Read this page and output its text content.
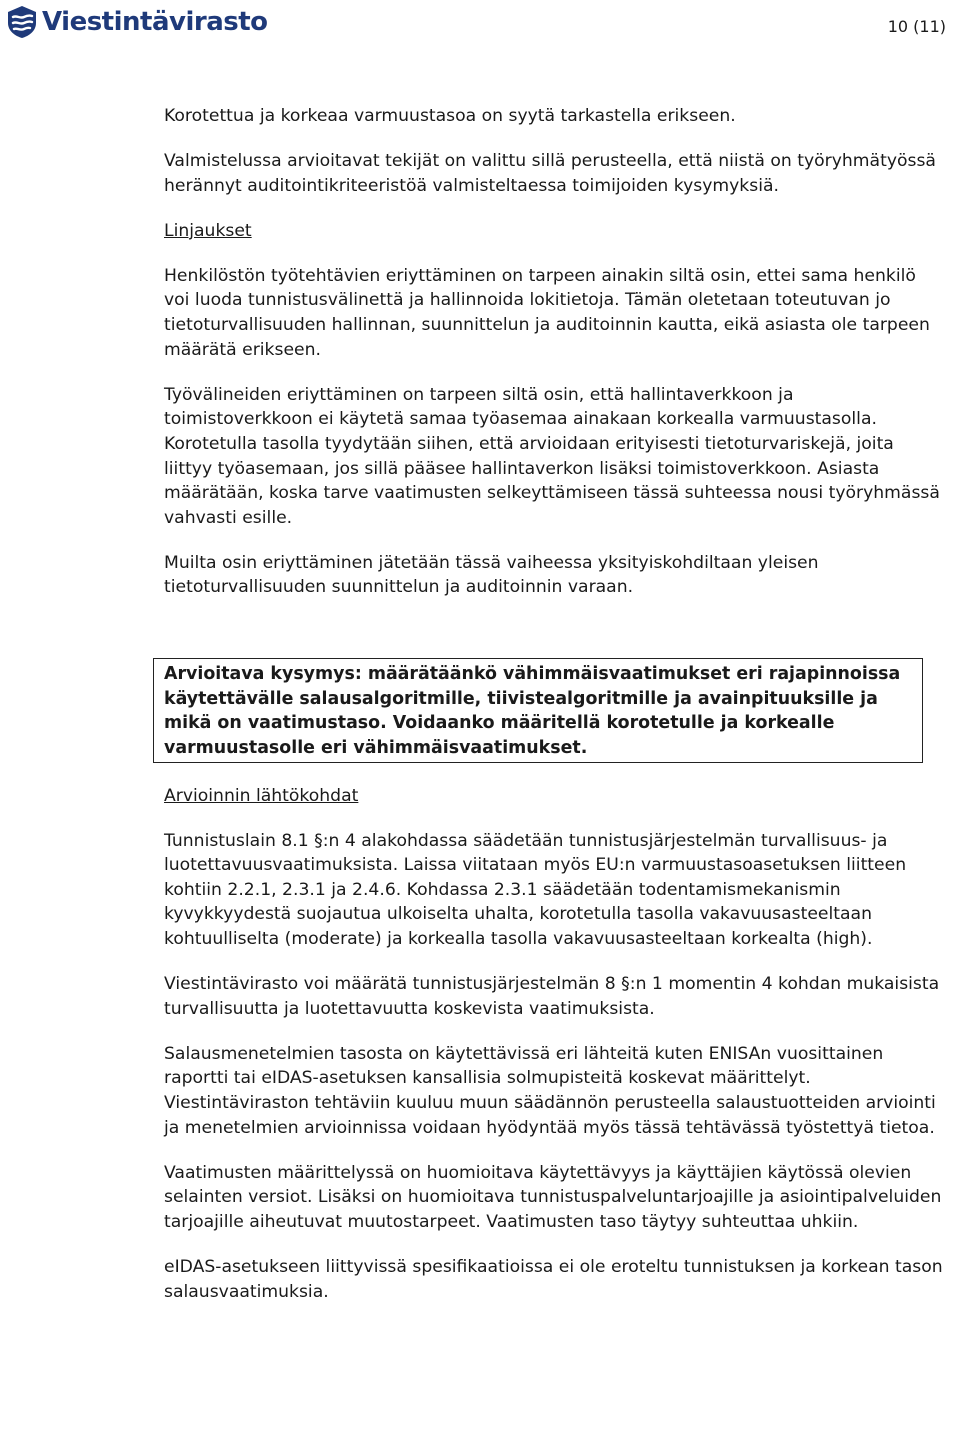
Viestintävirasto	10 (11)

Korotettua ja korkeaa varmuustasoa on syytä tarkastella erikseen.

Valmistelussa arvioitavat tekijät on valittu sillä perusteella, että niistä on työryhmätyössä herännyt auditointikriteeristöä valmisteltaessa toimijoiden kysymyksiä.

Linjaukset

Henkilöstön työtehtävien eriyttäminen on tarpeen ainakin siltä osin, ettei sama henkilö voi luoda tunnistusvälinettä ja hallinnoida lokitietoja. Tämän oletetaan toteutuvan jo tietoturvallisuuden hallinnan, suunnittelun ja auditoinnin kautta, eikä asiasta ole tarpeen määrätä erikseen.

Työvälineiden eriyttäminen on tarpeen siltä osin, että hallintaverkkoon ja toimistoverkkoon ei käytetä samaa työasemaa ainakaan korkealla varmuustasolla. Korotetulla tasolla tyydytään siihen, että arvioidaan erityisesti tietoturvariskejä, joita liittyy työasemaan, jos sillä pääsee hallintaverkon lisäksi toimistoverkkoon. Asiasta määrätään, koska tarve vaatimusten selkeyttämiseen tässä suhteessa nousi työryhmässä vahvasti esille.

Muilta osin eriyttäminen jätetään tässä vaiheessa yksityiskohdiltaan yleisen tietoturvallisuuden suunnittelun ja auditoinnin varaan.

Arvioitava kysymys: määrätäänkö vähimmäisvaatimukset eri rajapinnoissa käytettävälle salausalgoritmille, tiivistealgoritmille ja avainpituuksille ja mikä on vaatimustaso. Voidaanko määritellä korotetulle ja korkealle varmuustasolle eri vähimmäisvaatimukset.

Arvioinnin lähtökohdat

Tunnistuslain 8.1 §:n 4 alakohdassa säädetään tunnistusjärjestelmän turvallisuus- ja luotettavuusvaatimuksista. Laissa viitataan myös EU:n varmuustasoasetuksen liitteen kohtiin 2.2.1, 2.3.1 ja 2.4.6. Kohdassa 2.3.1 säädetään todentamismekanismin kyvykkyydestä suojautua ulkoiselta uhalta, korotetulla tasolla vakavuusasteeltaan kohtuulliselta (moderate) ja korkealla tasolla vakavuusasteeltaan korkealta (high).

Viestintävirasto voi määrätä tunnistusjärjestelmän 8 §:n 1 momentin 4 kohdan mukaisista turvallisuutta ja luotettavuutta koskevista vaatimuksista.

Salausmenetelmien tasosta on käytettävissä eri lähteitä kuten ENISAn vuosittainen raportti tai eIDAS-asetuksen kansallisia solmupisteitä koskevat määrittelyt. Viestintäviraston tehtäviin kuuluu muun säädännön perusteella salaustuotteiden arviointi ja menetelmien arvioinnissa voidaan hyödyntää myös tässä tehtävässä työstettyä tietoa.

Vaatimusten määrittelyssä on huomioitava käytettävyys ja käyttäjien käytössä olevien selainten versiot. Lisäksi on huomioitava tunnistuspalveluntarjoajille ja asiointipalveluiden tarjoajille aiheutuvat muutostarpeet. Vaatimusten taso täytyy suhteuttaa uhkiin.

eIDAS-asetukseen liittyvissä spesifikaatioissa ei ole eroteltu tunnistuksen ja korkean tason salausvaatimuksia.
